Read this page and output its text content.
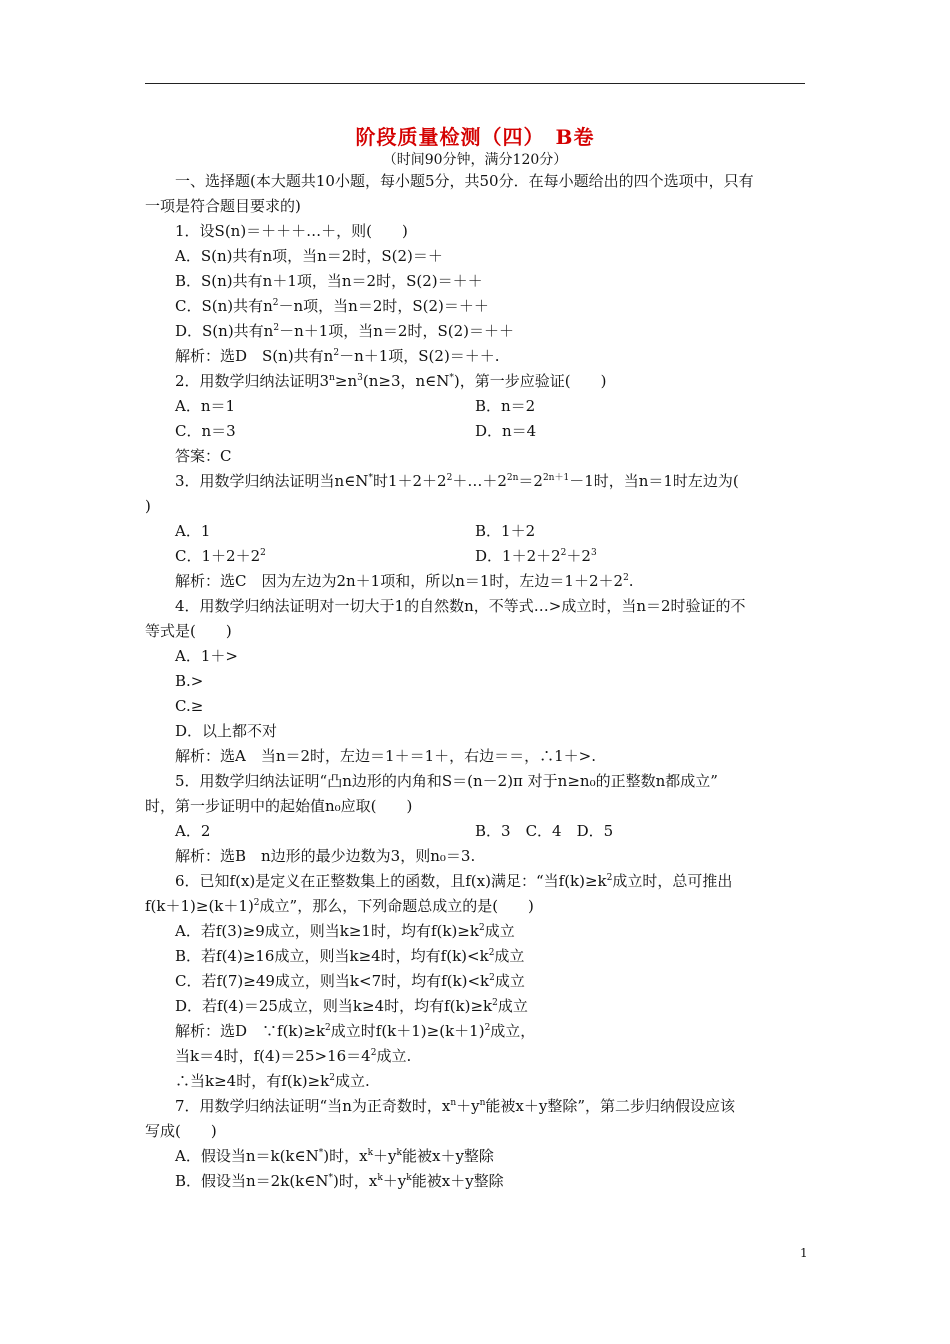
阶段质量检测（四）　B卷
（时间90分钟，满分120分）
一、选择题(本大题共10小题，每小题5分，共50分．在每小题给出的四个选项中，只有
一项是符合题目要求的)
1．设S(n)＝＋＋＋…＋，则(　　)
A．S(n)共有n项，当n＝2时，S(2)＝＋
B．S(n)共有n＋1项，当n＝2时，S(2)＝＋＋
C．S(n)共有$n^2-n$项，当n＝2时，S(2)＝＋＋
D．S(n)共有$n^2-n+1$项，当n＝2时，S(2)＝＋＋
解析：选D　S(n)共有$n^2-n+1$项，S(2)＝＋＋.
2．用数学归纳法证明$3^n\ge n^3(n\ge 3$，n∈N*)，第一步应验证(　　)
A．n＝1	B．n＝2
C．n＝3	D．n＝4
答案：C
3．用数学归纳法证明当n∈N*时$1+2+2^2+\dots+2^{2n}=2^{2n+1}-1$时，当n＝1时左边为(
)
A．1	B．1＋2
C．$1+2+2^2$	D．$1+2+2^2+2^3$
解析：选C　因为左边为2n＋1项和，所以n＝1时，左边$=1+2+2^2$.
4．用数学归纳法证明对一切大于1的自然数n，不等式…>成立时，当n＝2时验证的不
等式是(　　)
A．1＋>
B.>
C.≥
D．以上都不对
解析：选A　当n＝2时，左边＝1＋＝1＋，右边＝＝，∴1＋>.
5．用数学归纳法证明“凸n边形的内角和S＝(n－2)π 对于n≥n₀的正整数n都成立”
时，第一步证明中的起始值n₀应取(　　)
A．2	B．3　C．4　D．5
解析：选B　n边形的最少边数为3，则n₀＝3.
6．已知f(x)是定义在正整数集上的函数，且f(x)满足：“当$f(k)\ge k^2$成立时，总可推出
$f(k+1)\ge(k+1)^2$成立”，那么，下列命题总成立的是(　　)
A．若f(3)≥9成立，则当k≥1时，均有$f(k)\ge k^2$成立
B．若f(4)≥16成立，则当k≥4时，均有$f(k)<k^2$成立
C．若f(7)≥49成立，则当k<7时，均有$f(k)<k^2$成立
D．若f(4)＝25成立，则当k≥4时，均有$f(k)\ge k^2$成立
解析：选D　$\because f(k)\ge k^2$成立时$f(k+1)\ge(k+1)^2$成立，
当k＝4时，$f(4)=25>16=4^2$成立.
∴当k≥4时，有$f(k)\ge k^2$成立.
7．用数学归纳法证明“当n为正奇数时，$x^n+y^n$能被x＋y整除”，第二步归纳假设应该
写成(　　)
A．假设当n＝k(k∈N*)时，$x^k+y^k$能被x＋y整除
B．假设当n＝2k(k∈N*)时，$x^k+y^k$能被x＋y整除
1
